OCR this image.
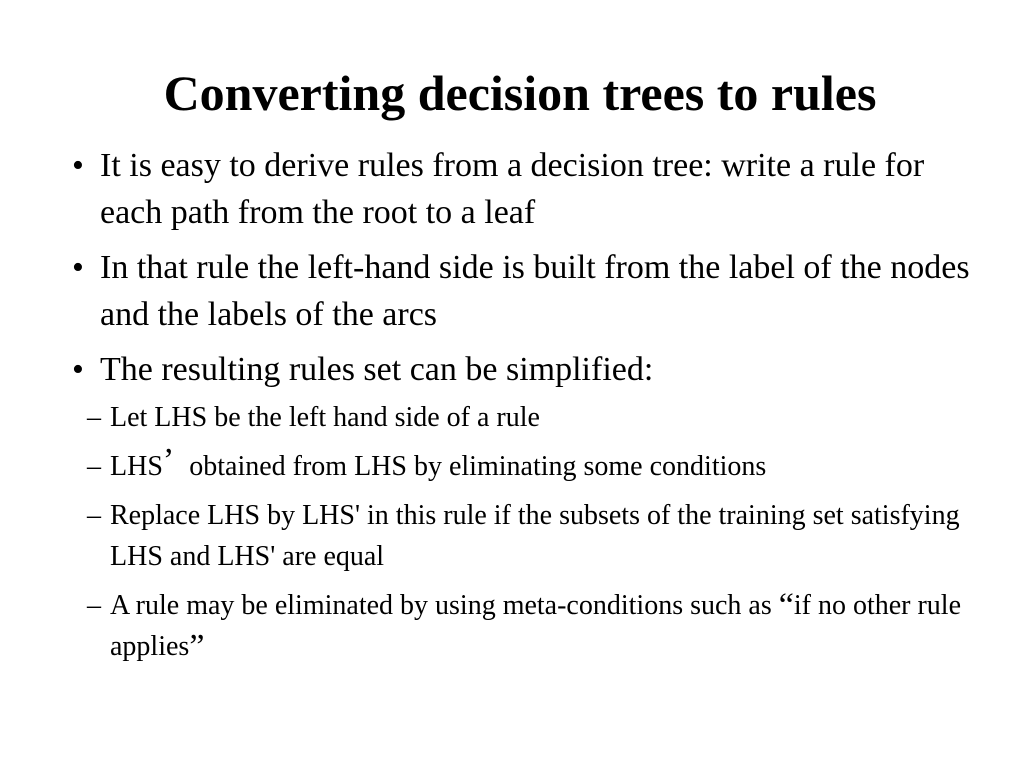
Converting decision trees to rules
• It is easy to derive rules from a decision tree: write a rule for each path from the root to a leaf
• In that rule the left-hand side is built from the label of the nodes and the labels of the arcs
• The resulting rules set can be simplified:
– Let LHS be the left hand side of a rule
– LHS’ obtained from LHS by eliminating some conditions
– Replace LHS by LHS' in this rule if the subsets of the training set satisfying LHS and LHS' are equal
– A rule may be eliminated by using meta-conditions such as “if no other rule applies”
